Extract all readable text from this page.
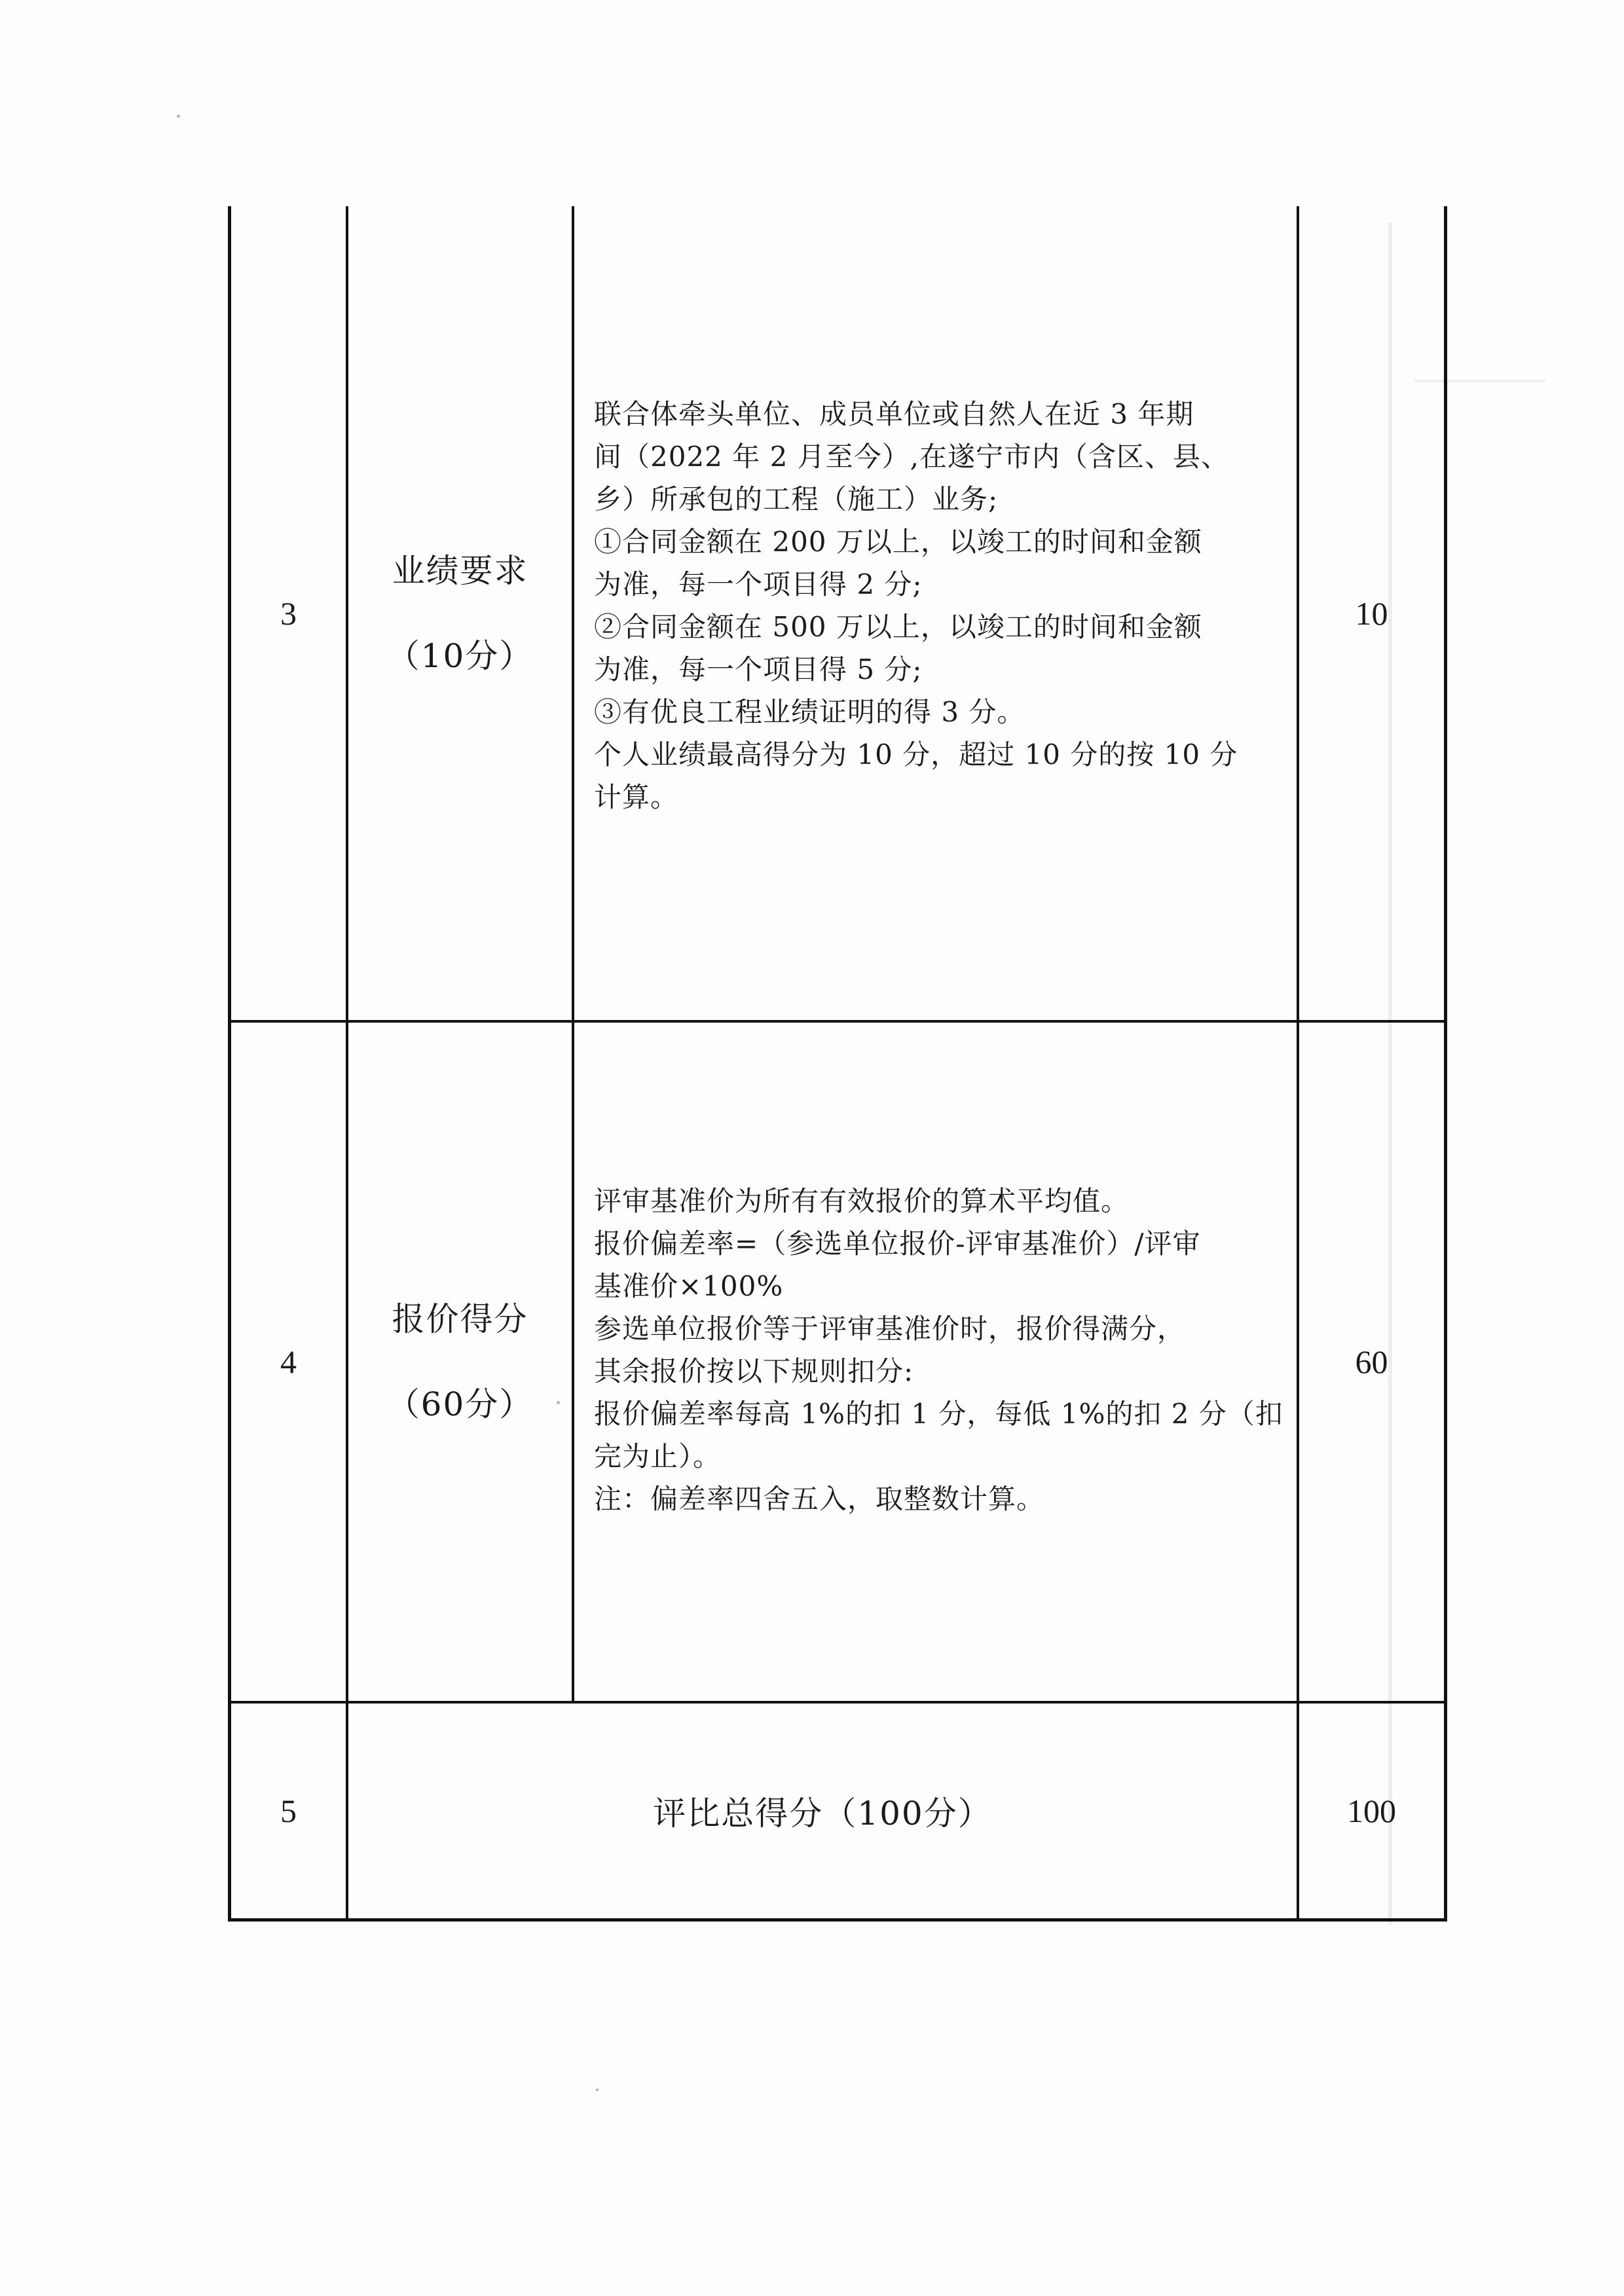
3
业绩要求
（10分）
联合体牵头单位、成员单位或自然人在近 3 年期
间（2022 年 2 月至今）,在遂宁市内（含区、县、
乡）所承包的工程（施工）业务;
①合同金额在 200 万以上，以竣工的时间和金额
为准，每一个项目得 2 分;
②合同金额在 500 万以上，以竣工的时间和金额
为准，每一个项目得 5 分;
③有优良工程业绩证明的得 3 分。
个人业绩最高得分为 10 分，超过 10 分的按 10 分
计算。
10
4
报价得分
（60分）
评审基准价为所有有效报价的算术平均值。
报价偏差率=（参选单位报价-评审基准价）/评审
基准价×100%
参选单位报价等于评审基准价时，报价得满分，
其余报价按以下规则扣分:
报价偏差率每高 1%的扣 1 分，每低 1%的扣 2 分（扣
完为止）。
注：偏差率四舍五入，取整数计算。
60
5	评比总得分（100分）	100
